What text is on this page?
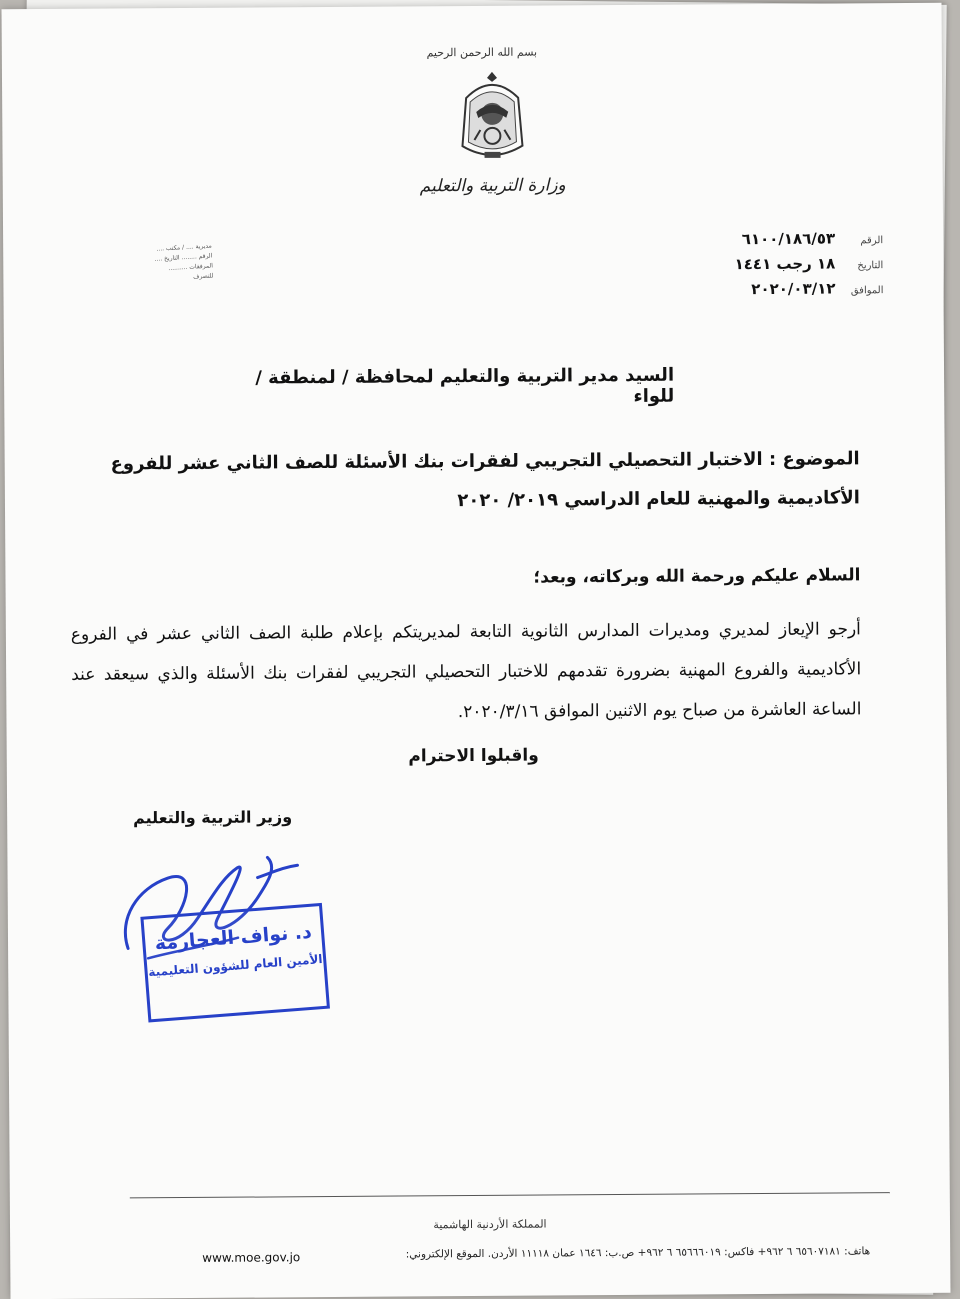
بسم الله الرحمن الرحيم
وزارة التربية والتعليم
مديرية .... / مكتب ....
الرقم ........ التاريخ ....
المرفقات ..........
للتصرف
الرقم
٦١٠٠/١٨٦/٥٣
التاريخ
١٨ رجب ١٤٤١
الموافق
٢٠٢٠/٠٣/١٢
السيد مدير التربية والتعليم لمحافظة / لمنطقة / للواء
الموضوع : الاختبار التحصيلي التجريبي لفقرات بنك الأسئلة للصف الثاني عشر للفروع الأكاديمية والمهنية للعام الدراسي ٢٠١٩/ ٢٠٢٠
السلام عليكم ورحمة الله وبركاته، وبعد؛
أرجو الإيعاز لمديري ومديرات المدارس الثانوية التابعة لمديريتكم بإعلام طلبة الصف الثاني عشر في الفروع الأكاديمية والفروع المهنية بضرورة تقدمهم للاختبار التحصيلي التجريبي لفقرات بنك الأسئلة والذي سيعقد عند الساعة العاشرة من صباح يوم الاثنين الموافق ٢٠٢٠/٣/١٦.
واقبلوا الاحترام
وزير التربية والتعليم
د. نواف العجارمة
الأمين العام للشؤون التعليمية
المملكة الأردنية الهاشمية
هاتف: ٦٥٦٠٧١٨١ ٦ ٩٦٢+ فاكس: ٦٥٦٦٦٠١٩ ٦ ٩٦٢+ ص.ب: ١٦٤٦ عمان ١١١١٨ الأردن. الموقع الإلكتروني:
www.moe.gov.jo
